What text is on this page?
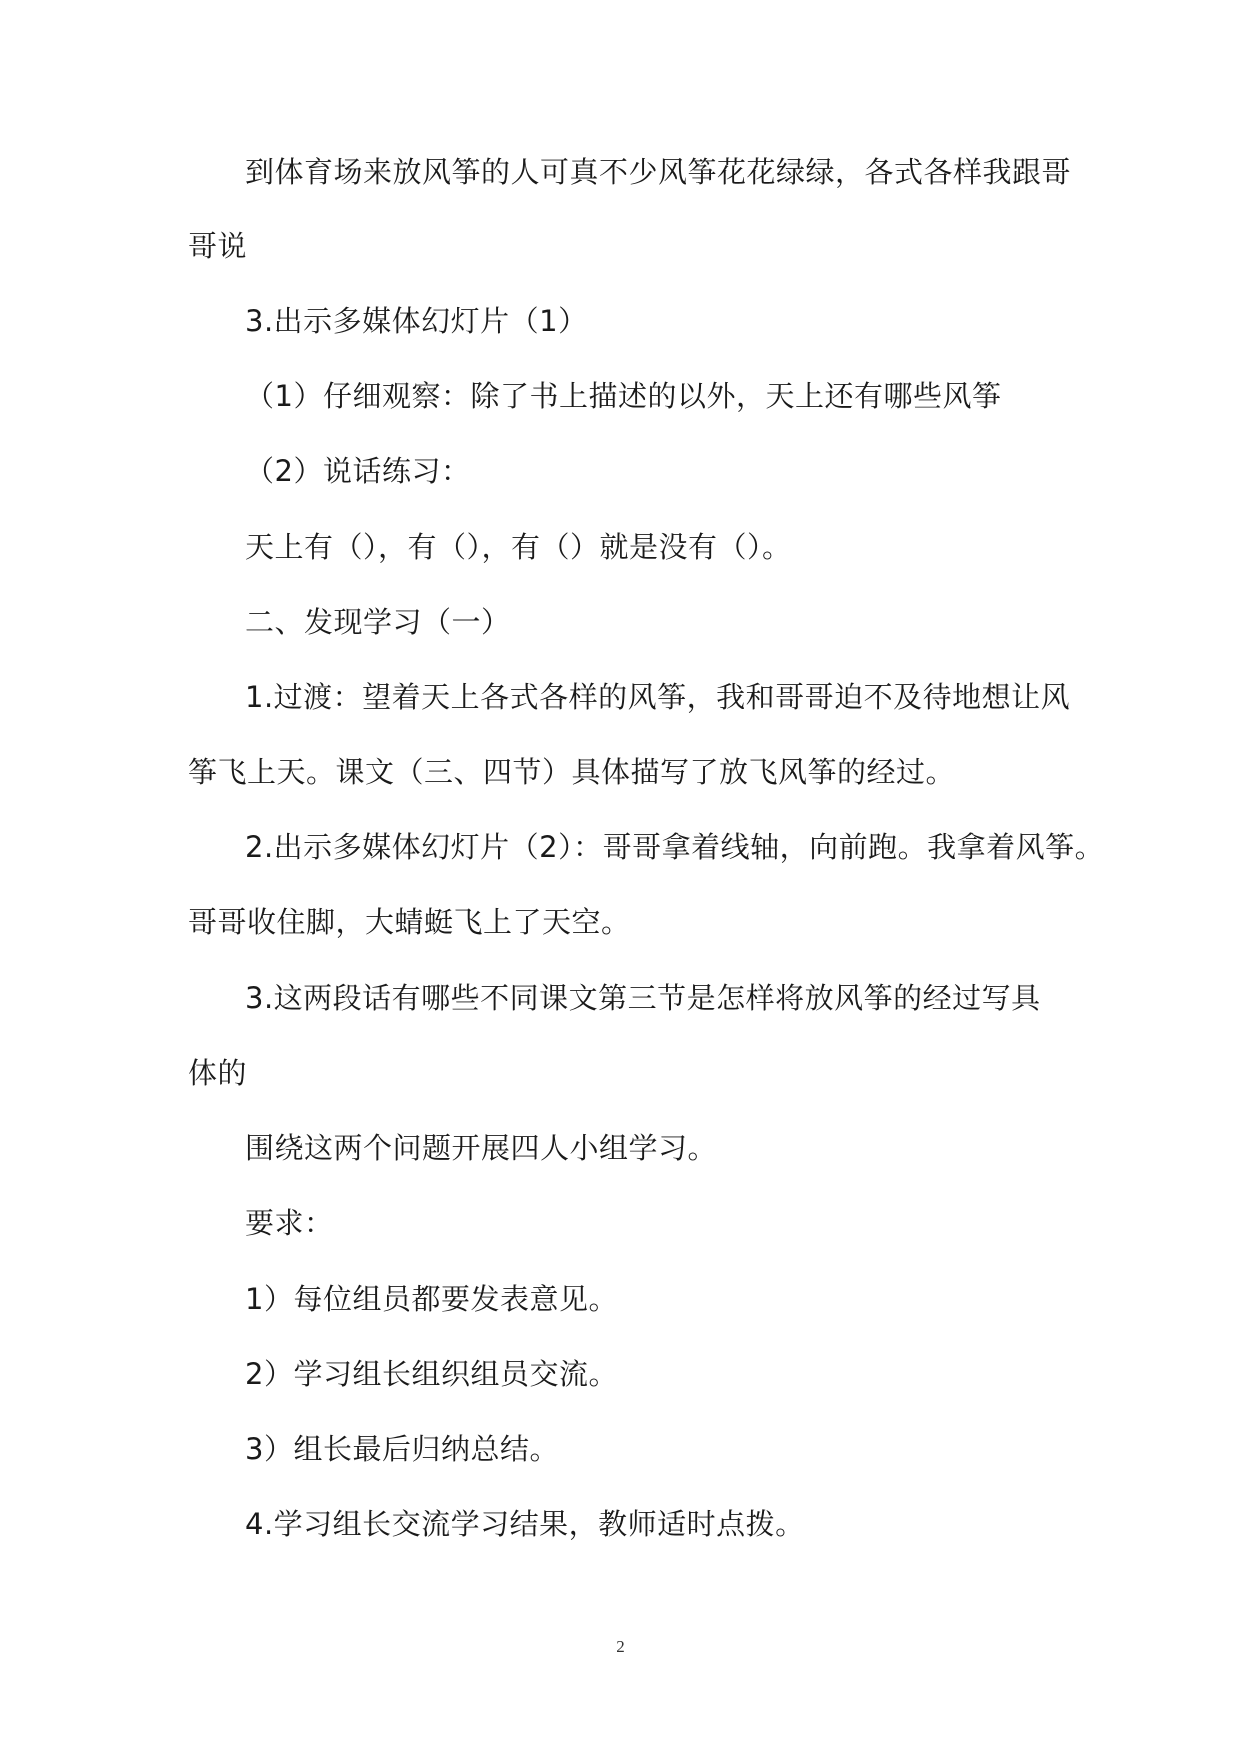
到体育场来放风筝的人可真不少风筝花花绿绿，各式各样我跟哥
哥说
3.出示多媒体幻灯片（1）
（1）仔细观察：除了书上描述的以外，天上还有哪些风筝
（2）说话练习：
天上有（），有（），有（）就是没有（）。
二、发现学习（一）
1.过渡：望着天上各式各样的风筝，我和哥哥迫不及待地想让风
筝飞上天。课文（三、四节）具体描写了放飞风筝的经过。
2.出示多媒体幻灯片（2）：哥哥拿着线轴，向前跑。我拿着风筝。
哥哥收住脚，大蜻蜓飞上了天空。
3.这两段话有哪些不同课文第三节是怎样将放风筝的经过写具
体的
围绕这两个问题开展四人小组学习。
要求：
1）每位组员都要发表意见。
2）学习组长组织组员交流。
3）组长最后归纳总结。
4.学习组长交流学习结果，教师适时点拨。
2
